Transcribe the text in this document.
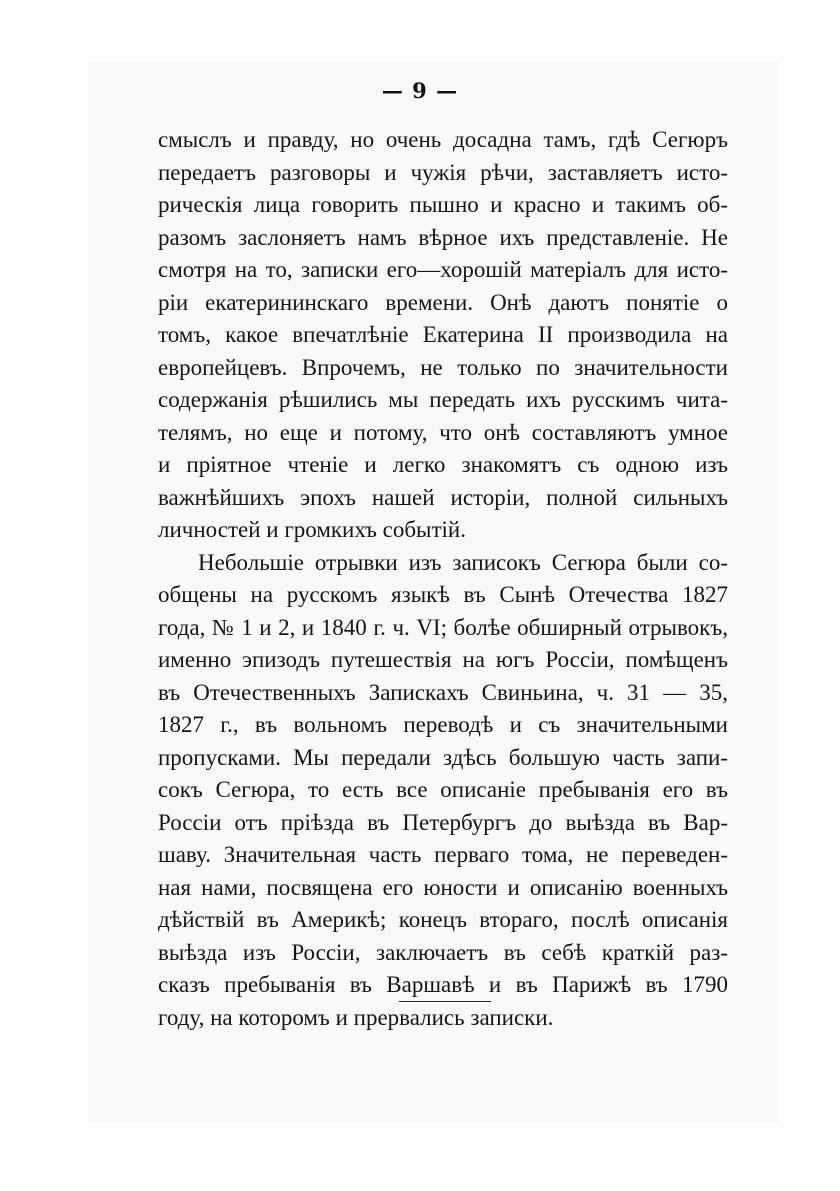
— 9 —
смыслъ и правду, но очень досадна тамъ, гдѣ Сегюръ
передаетъ разговоры и чужія рѣчи, заставляетъ исто-
рическія лица говорить пышно и красно и такимъ об-
разомъ заслоняетъ намъ вѣрное ихъ представленіе. Не
смотря на то, записки его—хорошій матеріалъ для исто-
ріи екатерининскаго времени. Онѣ даютъ понятіе о
томъ, какое впечатлѣніе Екатерина II производила на
европейцевъ. Впрочемъ, не только по значительности
содержанія рѣшились мы передать ихъ русскимъ чита-
телямъ, но еще и потому, что онѣ составляютъ умное
и пріятное чтеніе и легко знакомятъ съ одною изъ
важнѣйшихъ эпохъ нашей исторіи, полной сильныхъ
личностей и громкихъ событій.
Небольшіе отрывки изъ записокъ Сегюра были со-
общены на русскомъ языкѣ въ Сынѣ Отечества 1827
года, № 1 и 2, и 1840 г. ч. VI; болѣе обширный отрывокъ,
именно эпизодъ путешествія на югъ Россіи, помѣщенъ
въ Отечественныхъ Запискахъ Свиньина, ч. 31 — 35,
1827 г., въ вольномъ переводѣ и съ значительными
пропусками. Мы передали здѣсь большую часть запи-
сокъ Сегюра, то есть все описаніе пребыванія его въ
Россіи отъ пріѣзда въ Петербургъ до выѣзда въ Вар-
шаву. Значительная часть перваго тома, не переведен-
ная нами, посвящена его юности и описанію военныхъ
дѣйствій въ Америкѣ; конецъ втораго, послѣ описанія
выѣзда изъ Россіи, заключаетъ въ себѣ краткій раз-
сказъ пребыванія въ Варшавѣ и въ Парижѣ въ 1790
году, на которомъ и прервались записки.
